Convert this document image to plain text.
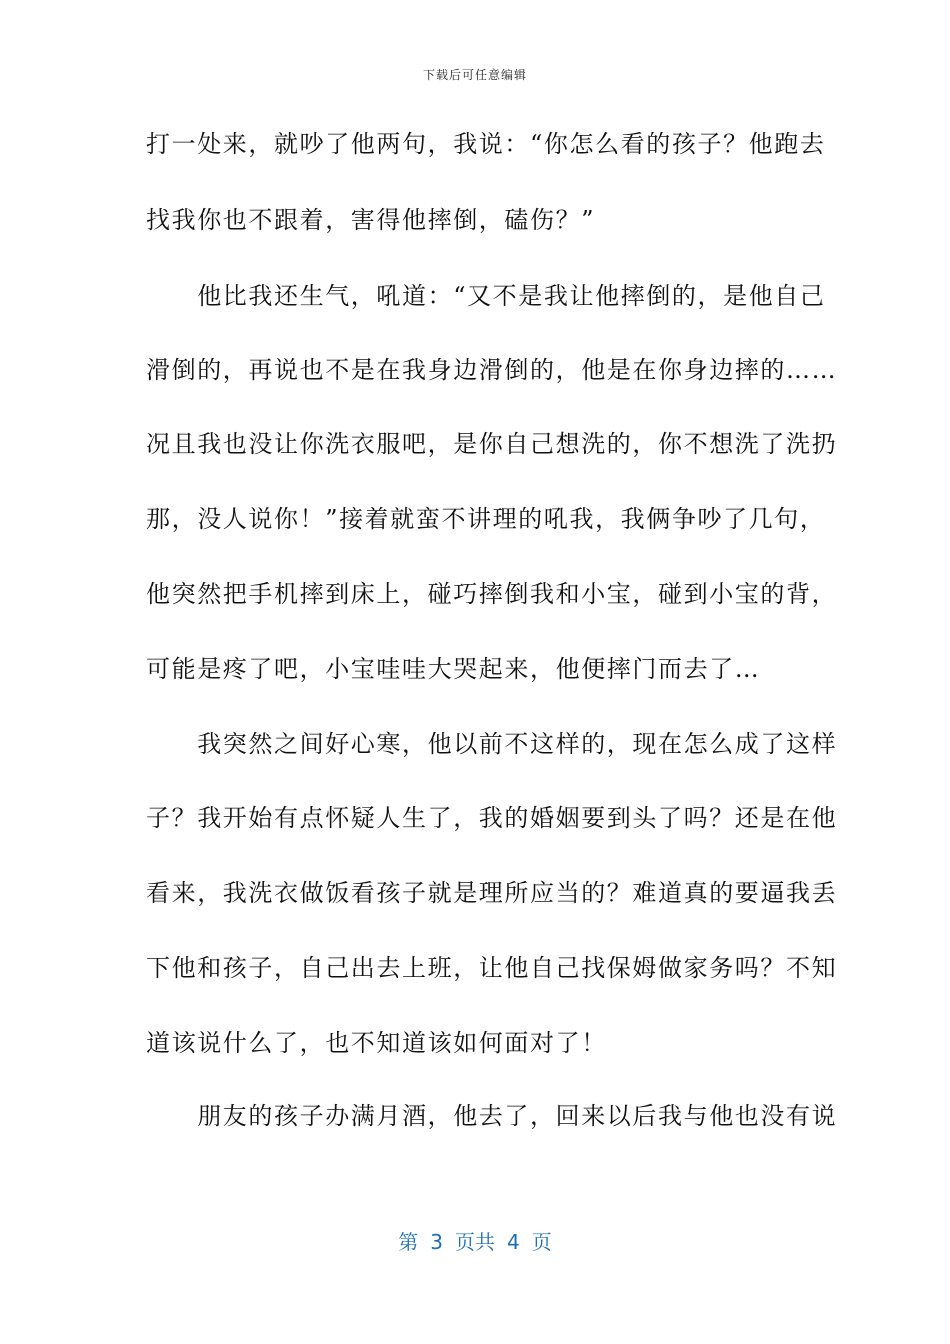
下载后可任意编辑
打一处来，就吵了他两句，我说：“你怎么看的孩子？他跑去
找我你也不跟着，害得他摔倒，磕伤？”
　　他比我还生气，吼道：“又不是我让他摔倒的，是他自己
滑倒的，再说也不是在我身边滑倒的，他是在你身边摔的……
况且我也没让你洗衣服吧，是你自己想洗的，你不想洗了洗扔
那，没人说你！”接着就蛮不讲理的吼我，我俩争吵了几句，
他突然把手机摔到床上，碰巧摔倒我和小宝，碰到小宝的背，
可能是疼了吧，小宝哇哇大哭起来，他便摔门而去了…
　　我突然之间好心寒，他以前不这样的，现在怎么成了这样
子？我开始有点怀疑人生了，我的婚姻要到头了吗？还是在他
看来，我洗衣做饭看孩子就是理所应当的？难道真的要逼我丢
下他和孩子，自己出去上班，让他自己找保姆做家务吗？不知
道该说什么了，也不知道该如何面对了！
　　朋友的孩子办满月酒，他去了，回来以后我与他也没有说
第 3 页共 4 页
